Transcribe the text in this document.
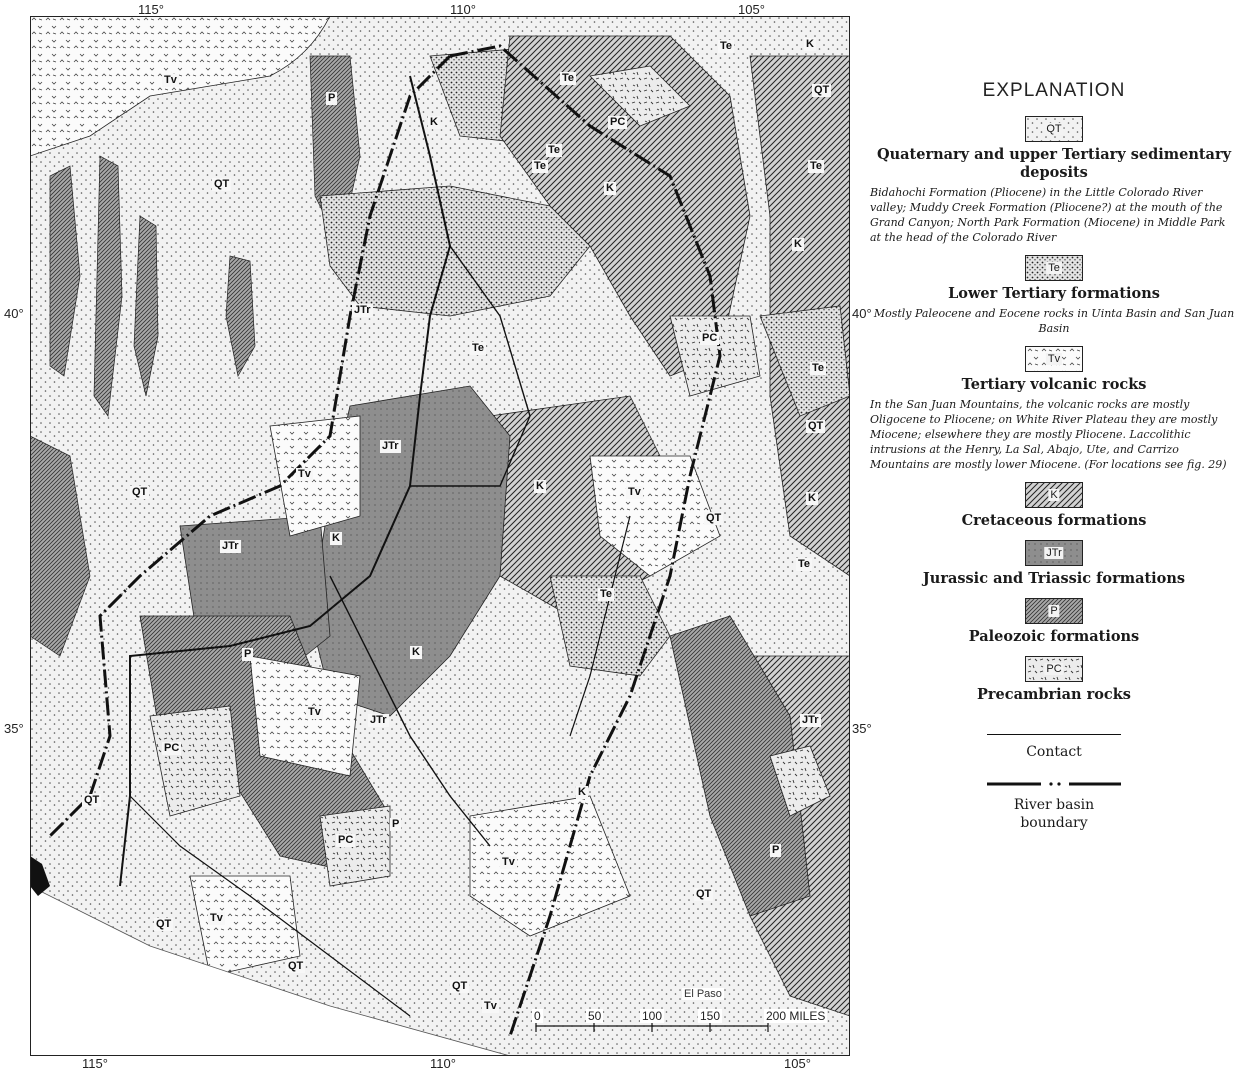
115°	110°	105°
115°	110°	105°
40°
35°
40°
35°
El Paso
0	50	100	150	200 MILES
Tv
P
QT
K
Te
Te
K
PC
QT
Te	K
K
Te
QT
Te
Te
PC
Te
K
JTr
JTr
Tv
QT
K
JTr
Tv
Te
QT
Te
K
K
P
Tv
JTr	JTr
PC
QT
PC
P
Tv
QT	Tv
QT
QT
Tv
QT
P
K
EXPLANATION
QT
Quaternary and upper Tertiary sedimentary deposits
Bidahochi Formation (Pliocene) in the Little Colorado River valley; Muddy Creek Formation (Pliocene?) at the mouth of the Grand Canyon; North Park Formation (Miocene) in Middle Park at the head of the Colorado River
Te
Lower Tertiary formations
Mostly Paleocene and Eocene rocks in Uinta Basin and San Juan Basin
Tv
Tertiary volcanic rocks
In the San Juan Mountains, the volcanic rocks are mostly Oligocene to Pliocene; on White River Plateau they are mostly Miocene; elsewhere they are mostly Pliocene. Laccolithic intrusions at the Henry, La Sal, Abajo, Ute, and Carrizo Mountains are mostly lower Miocene. (For locations see fig. 29)
K
Cretaceous formations
JTr
Jurassic and Triassic formations
P
Paleozoic formations
PC
Precambrian rocks
Contact
River basin boundary
